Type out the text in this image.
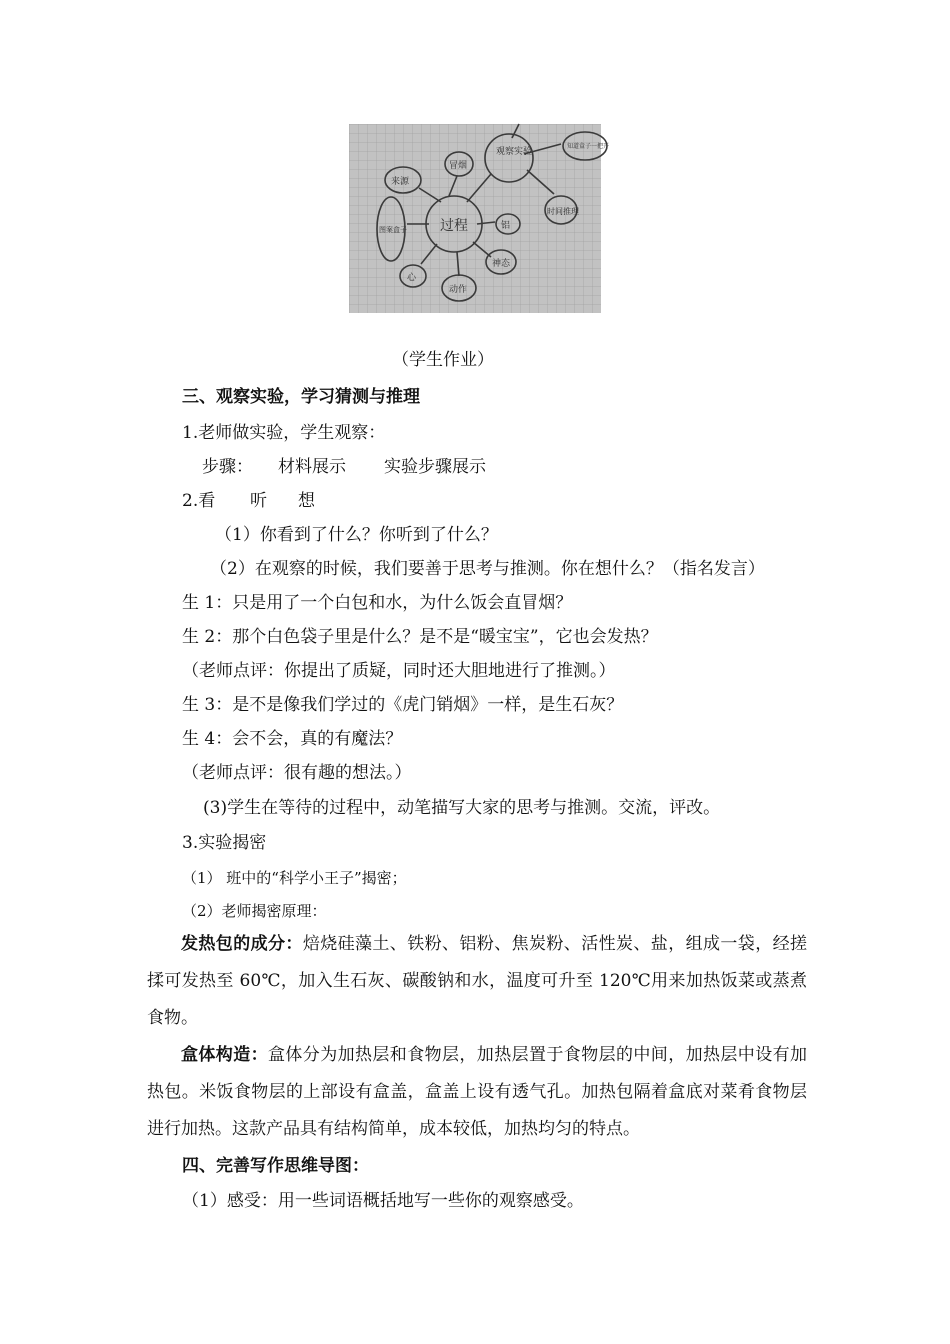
过程
观察实验
来源
冒烟
图案盒子
动作
神态
铝
时间推理
知道盒子一把开
心
（学生作业）
三、观察实验，学习猜测与推理
1.老师做实验，学生观察：
步骤： 材料展示 实验步骤展示
2.看 听 想
（1）你看到了什么？你听到了什么？
（2）在观察的时候，我们要善于思考与推测。你在想什么？（指名发言）
生 1：只是用了一个白包和水，为什么饭会直冒烟？
生 2：那个白色袋子里是什么？是不是“暖宝宝”，它也会发热？
（老师点评：你提出了质疑，同时还大胆地进行了推测。）
生 3：是不是像我们学过的《虎门销烟》一样，是生石灰？
生 4：会不会，真的有魔法？
（老师点评：很有趣的想法。）
(3)学生在等待的过程中，动笔描写大家的思考与推测。交流，评改。
3.实验揭密
（1） 班中的“科学小王子”揭密；
（2）老师揭密原理：
发热包的成分：焙烧硅藻土、铁粉、铝粉、焦炭粉、活性炭、盐，组成一袋，经搓揉可发热至 60℃，加入生石灰、碳酸钠和水，温度可升至 120℃用来加热饭菜或蒸煮食物。
盒体构造：盒体分为加热层和食物层，加热层置于食物层的中间，加热层中设有加热包。米饭食物层的上部设有盒盖，盒盖上设有透气孔。加热包隔着盒底对菜肴食物层进行加热。这款产品具有结构简单，成本较低，加热均匀的特点。
四、完善写作思维导图：
（1）感受：用一些词语概括地写一些你的观察感受。
